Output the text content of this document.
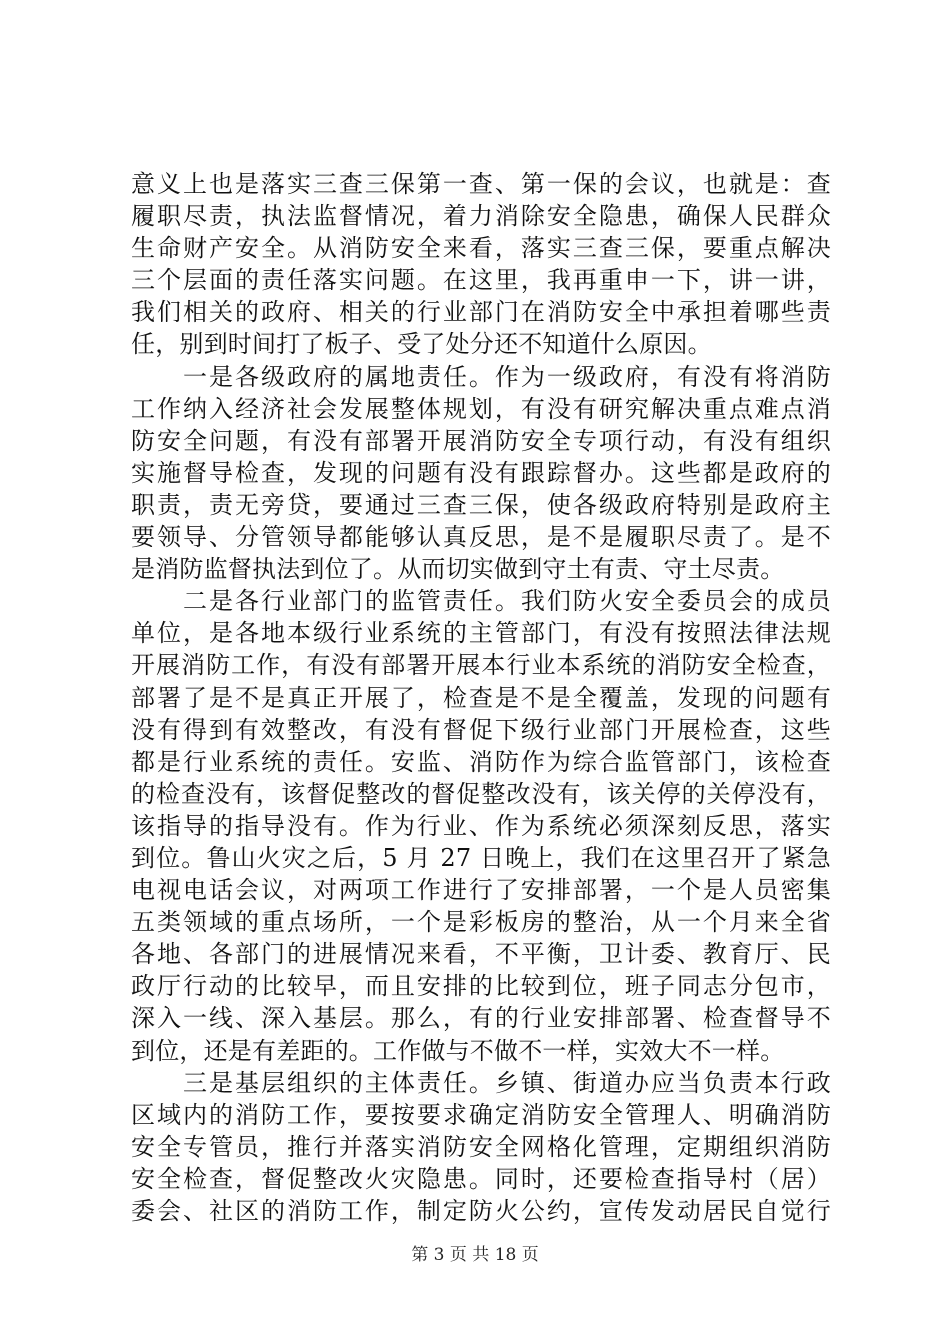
意义上也是落实三查三保第一查、第一保的会议，也就是：查
履职尽责，执法监督情况，着力消除安全隐患，确保人民群众
生命财产安全。从消防安全来看，落实三查三保，要重点解决
三个层面的责任落实问题。在这里，我再重申一下，讲一讲，
我们相关的政府、相关的行业部门在消防安全中承担着哪些责
任，别到时间打了板子、受了处分还不知道什么原因。
　　一是各级政府的属地责任。作为一级政府，有没有将消防
工作纳入经济社会发展整体规划，有没有研究解决重点难点消
防安全问题，有没有部署开展消防安全专项行动，有没有组织
实施督导检查，发现的问题有没有跟踪督办。这些都是政府的
职责，责无旁贷，要通过三查三保，使各级政府特别是政府主
要领导、分管领导都能够认真反思，是不是履职尽责了。是不
是消防监督执法到位了。从而切实做到守土有责、守土尽责。
　　二是各行业部门的监管责任。我们防火安全委员会的成员
单位，是各地本级行业系统的主管部门，有没有按照法律法规
开展消防工作，有没有部署开展本行业本系统的消防安全检查，
部署了是不是真正开展了，检查是不是全覆盖，发现的问题有
没有得到有效整改，有没有督促下级行业部门开展检查，这些
都是行业系统的责任。安监、消防作为综合监管部门，该检查
的检查没有，该督促整改的督促整改没有，该关停的关停没有，
该指导的指导没有。作为行业、作为系统必须深刻反思，落实
到位。鲁山火灾之后，5 月 27 日晚上，我们在这里召开了紧急
电视电话会议，对两项工作进行了安排部署，一个是人员密集
五类领域的重点场所，一个是彩板房的整治，从一个月来全省
各地、各部门的进展情况来看，不平衡，卫计委、教育厅、民
政厅行动的比较早，而且安排的比较到位，班子同志分包市，
深入一线、深入基层。那么，有的行业安排部署、检查督导不
到位，还是有差距的。工作做与不做不一样，实效大不一样。
　　三是基层组织的主体责任。乡镇、街道办应当负责本行政
区域内的消防工作，要按要求确定消防安全管理人、明确消防
安全专管员，推行并落实消防安全网格化管理，定期组织消防
安全检查，督促整改火灾隐患。同时，还要检查指导村（居）
委会、社区的消防工作，制定防火公约，宣传发动居民自觉行
第 3 页 共 18 页
